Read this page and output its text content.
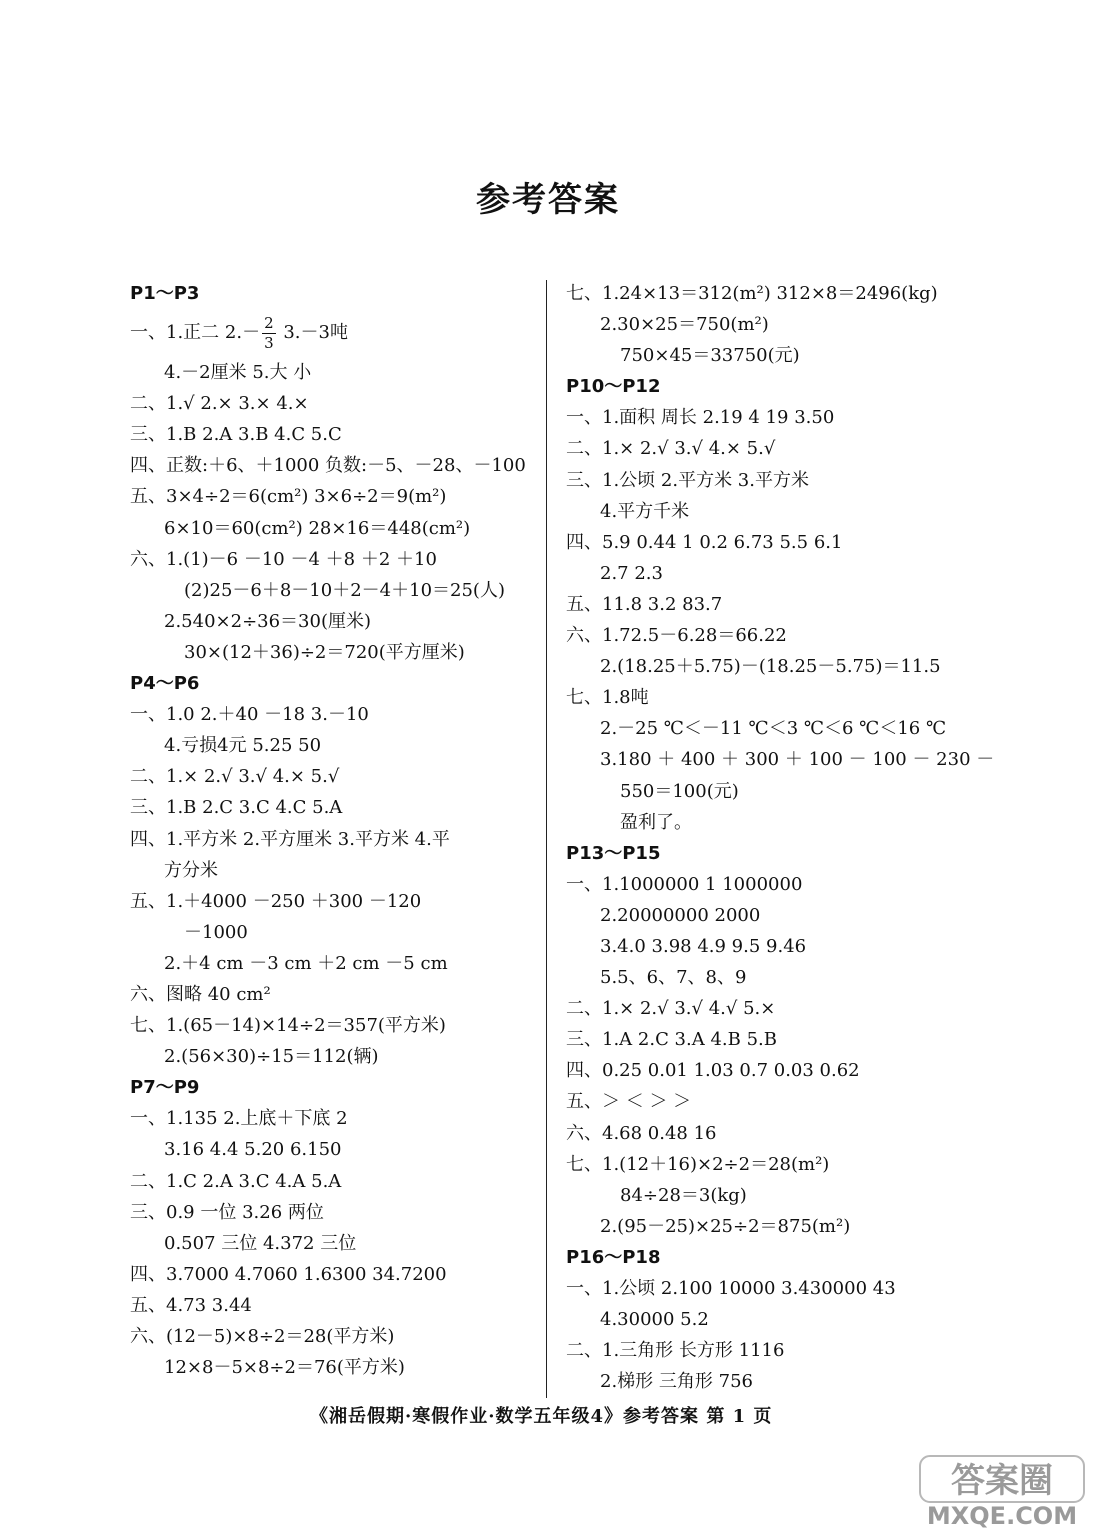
参考答案
P1～P3
一、1.正二 $2.- \frac{2}{3} 3.-3$吨
4.－2厘米 5.大 小
二、1.√ 2.× 3.× 4.×
三、1.B 2.A 3.B 4.C 5.C
四、正数:＋6、＋1000 负数:－5、－28、－100
五、3×4÷2＝6(cm²) 3×6÷2＝9(m²)
6×10＝60(cm²) 28×16＝448(cm²)
六、1.(1)－6 －10 －4 ＋8 ＋2 ＋10
(2)25－6＋8－10＋2－4＋10＝25(人)
2.540×2÷36＝30(厘米)
30×(12＋36)÷2＝720(平方厘米)
P4～P6
一、1.0 2.＋40 －18 3.－10
4.亏损4元 5.25 50
二、1.× 2.√ 3.√ 4.× 5.√
三、1.B 2.C 3.C 4.C 5.A
四、1.平方米 2.平方厘米 3.平方米 4.平
方分米
五、1.＋4000 －250 ＋300 －120
－1000
2.＋4 cm －3 cm ＋2 cm －5 cm
六、图略 40 cm²
七、1.(65－14)×14÷2＝357(平方米)
2.(56×30)÷15＝112(辆)
P7～P9
一、1.135 2.上底＋下底 2
3.16 4.4 5.20 6.150
二、1.C 2.A 3.C 4.A 5.A
三、0.9 一位 3.26 两位
0.507 三位 4.372 三位
四、3.7000 4.7060 1.6300 34.7200
五、4.73 3.44
六、(12－5)×8÷2＝28(平方米)
12×8－5×8÷2＝76(平方米)
七、1.24×13＝312(m²) 312×8＝2496(kg)
2.30×25＝750(m²)
750×45＝33750(元)
P10～P12
一、1.面积 周长 2.19 4 19 3.50
二、1.× 2.√ 3.√ 4.× 5.√
三、1.公顷 2.平方米 3.平方米
4.平方千米
四、5.9 0.44 1 0.2 6.73 5.5 6.1
2.7 2.3
五、11.8 3.2 83.7
六、1.72.5－6.28＝66.22
2.(18.25＋5.75)－(18.25－5.75)＝11.5
七、1.8吨
2.－25 ℃＜－11 ℃＜3 ℃＜6 ℃＜16 ℃
3.180 ＋ 400 ＋ 300 ＋ 100 － 100 － 230 －
550＝100(元)
盈利了。
P13～P15
一、1.1000000 1 1000000
2.20000000 2000
3.4.0 3.98 4.9 9.5 9.46
5.5、6、7、8、9
二、1.× 2.√ 3.√ 4.√ 5.×
三、1.A 2.C 3.A 4.B 5.B
四、0.25 0.01 1.03 0.7 0.03 0.62
五、＞ ＜ ＞ ＞
六、4.68 0.48 16
七、1.(12＋16)×2÷2＝28(m²)
84÷28＝3(kg)
2.(95－25)×25÷2＝875(m²)
P16～P18
一、1.公顷 2.100 10000 3.430000 43
4.30000 5.2
二、1.三角形 长方形 1116
2.梯形 三角形 756
《湘岳假期·寒假作业·数学五年级4》参考答案 第 1 页
答案圈
MXQE.COM
